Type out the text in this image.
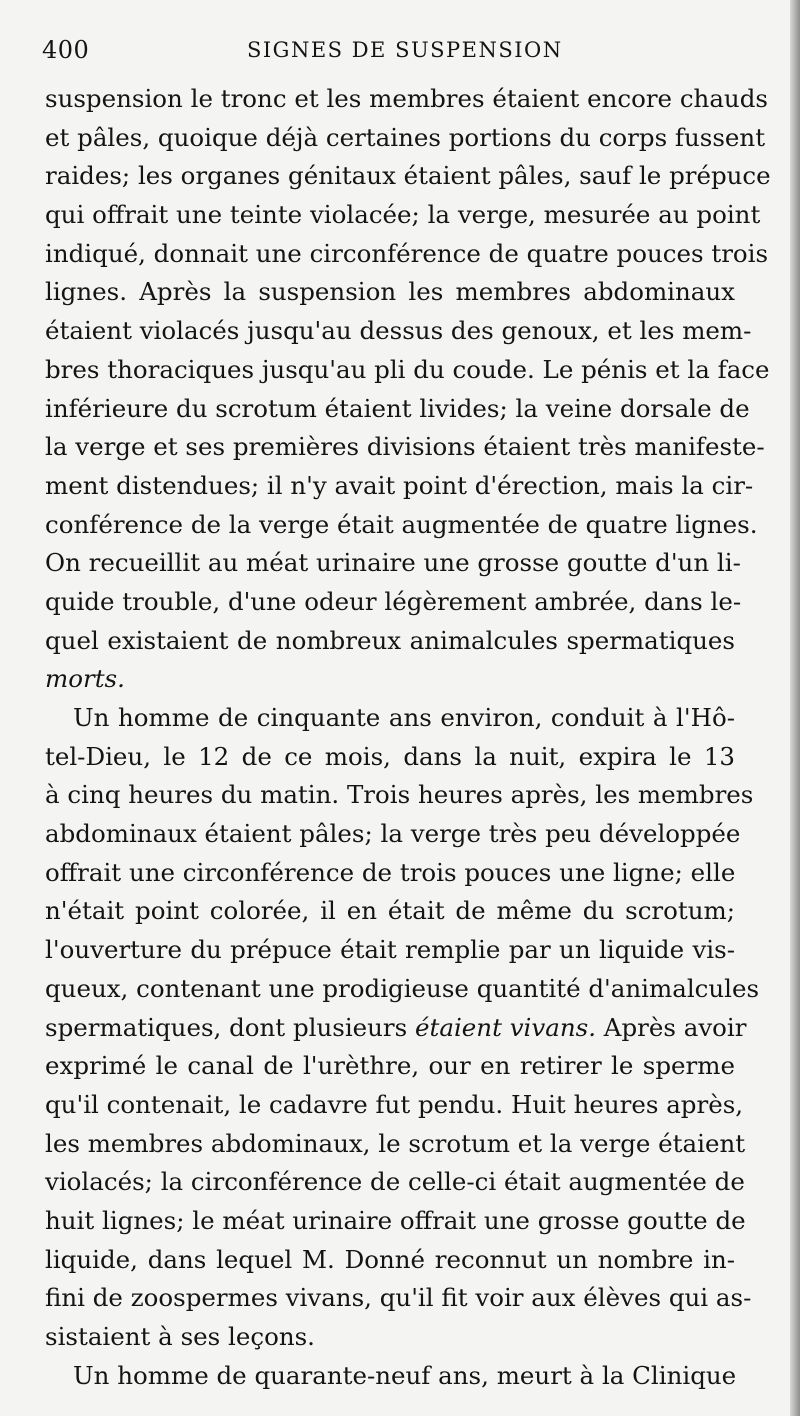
400	SIGNES DE SUSPENSION
suspension le tronc et les membres étaient encore chauds
et pâles, quoique déjà certaines portions du corps fussent
raides; les organes génitaux étaient pâles, sauf le prépuce
qui offrait une teinte violacée; la verge, mesurée au point
indiqué, donnait une circonférence de quatre pouces trois
lignes. Après la suspension les membres abdominaux
étaient violacés jusqu'au dessus des genoux, et les mem-
bres thoraciques jusqu'au pli du coude. Le pénis et la face
inférieure du scrotum étaient livides; la veine dorsale de
la verge et ses premières divisions étaient très manifeste-
ment distendues; il n'y avait point d'érection, mais la cir-
conférence de la verge était augmentée de quatre lignes.
On recueillit au méat urinaire une grosse goutte d'un li-
quide trouble, d'une odeur légèrement ambrée, dans le-
quel existaient de nombreux animalcules spermatiques
morts.
Un homme de cinquante ans environ, conduit à l'Hô-
tel-Dieu, le 12 de ce mois, dans la nuit, expira le 13
à cinq heures du matin. Trois heures après, les membres
abdominaux étaient pâles; la verge très peu développée
offrait une circonférence de trois pouces une ligne; elle
n'était point colorée, il en était de même du scrotum;
l'ouverture du prépuce était remplie par un liquide vis-
queux, contenant une prodigieuse quantité d'animalcules
spermatiques, dont plusieurs étaient vivans. Après avoir
exprimé le canal de l'urèthre, our en retirer le sperme
qu'il contenait, le cadavre fut pendu. Huit heures après,
les membres abdominaux, le scrotum et la verge étaient
violacés; la circonférence de celle-ci était augmentée de
huit lignes; le méat urinaire offrait une grosse goutte de
liquide, dans lequel M. Donné reconnut un nombre in-
fini de zoospermes vivans, qu'il fit voir aux élèves qui as-
sistaient à ses leçons.
Un homme de quarante-neuf ans, meurt à la Clinique
